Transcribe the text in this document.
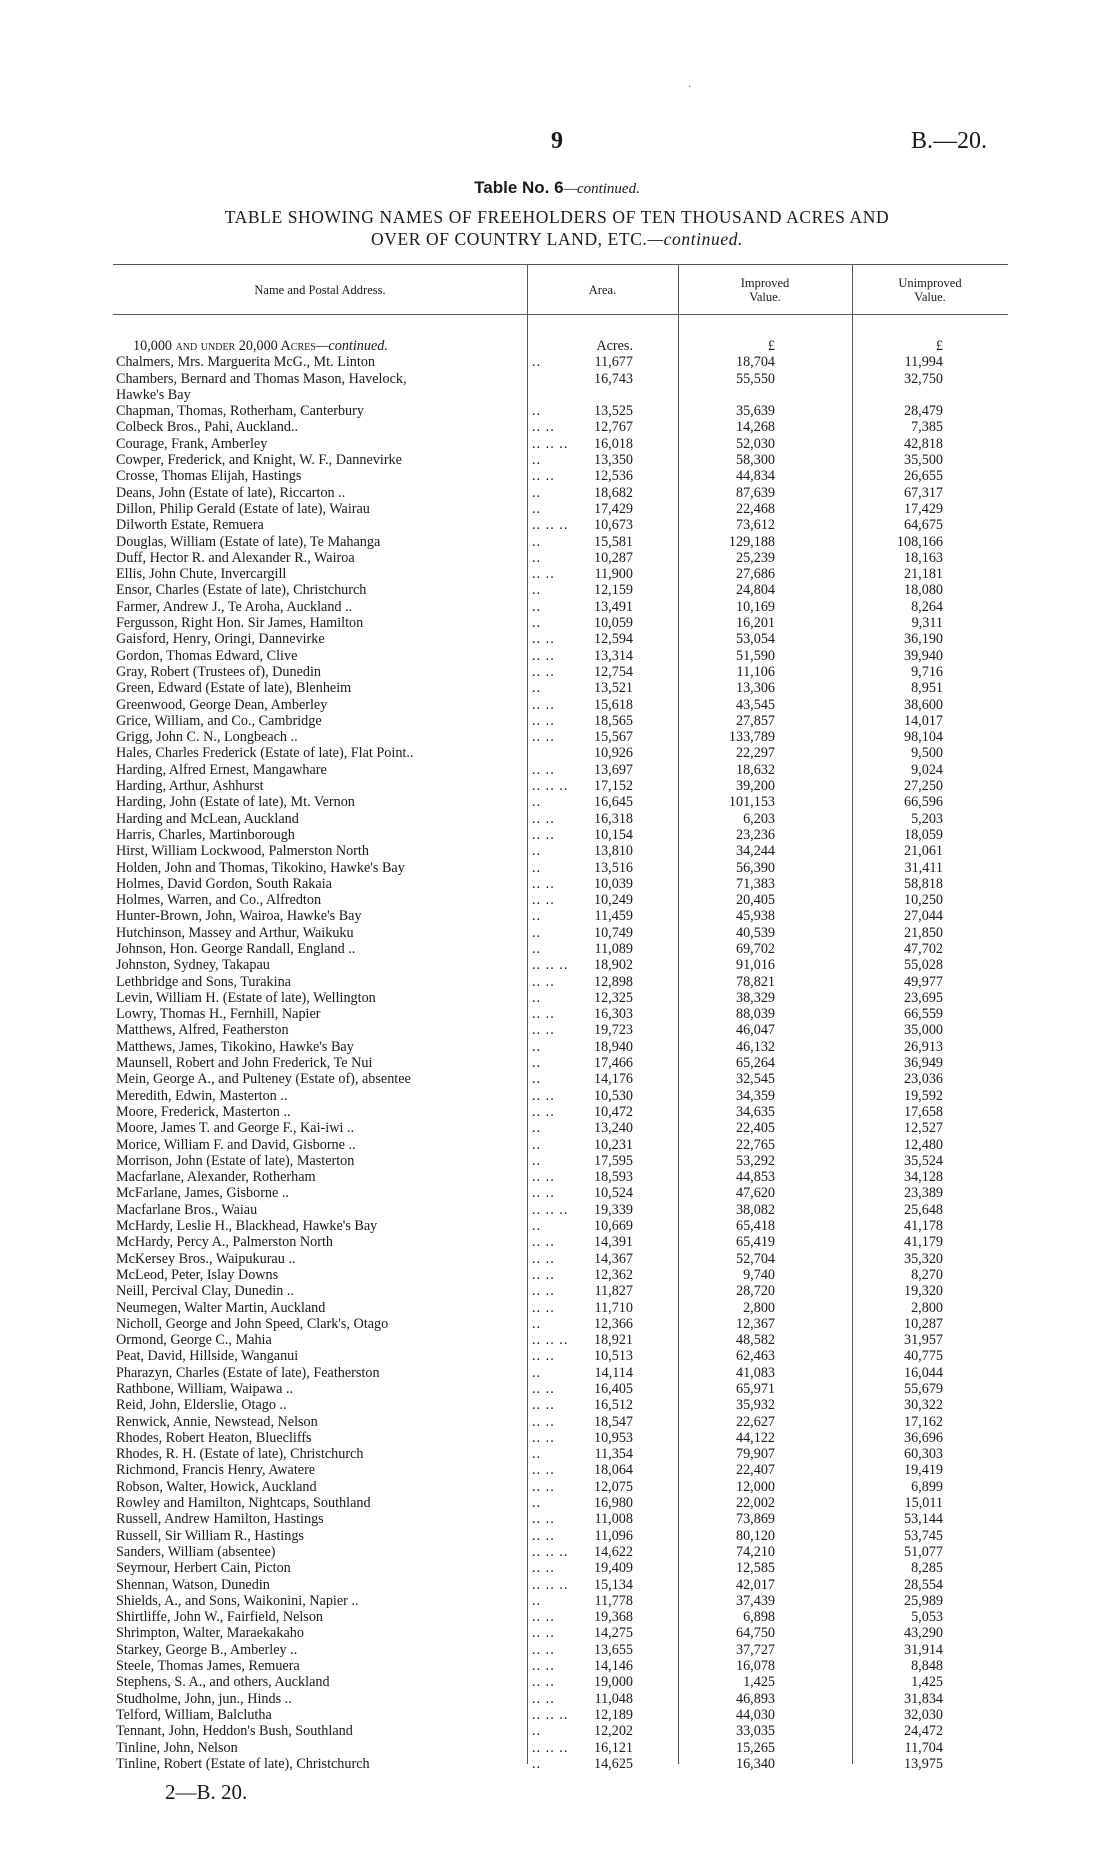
·
9	B.—20.
Table No. 6—continued.
TABLE SHOWING NAMES OF FREEHOLDERS OF TEN THOUSAND ACRES AND
OVER OF COUNTRY LAND, ETC.—continued.
Name and Postal Address.	Area.	Improved
Value.
Unimproved
Value.
10,000 and under 20,000 Acres—continued.	Acres.	£	£
Chalmers, Mrs. Marguerita McG., Mt. Linton	..	11,677	18,704	11,994
Chambers, Bernard and Thomas Mason, Havelock,	16,743	55,550	32,750
Hawke's Bay
Chapman, Thomas, Rotherham, Canterbury	..	13,525	35,639	28,479
Colbeck Bros., Pahi, Auckland..	.. ..	12,767	14,268	7,385
Courage, Frank, Amberley	.. .. ..	16,018	52,030	42,818
Cowper, Frederick, and Knight, W. F., Dannevirke	..	13,350	58,300	35,500
Crosse, Thomas Elijah, Hastings	.. ..	12,536	44,834	26,655
Deans, John (Estate of late), Riccarton ..	..	18,682	87,639	67,317
Dillon, Philip Gerald (Estate of late), Wairau	..	17,429	22,468	17,429
Dilworth Estate, Remuera	.. .. ..	10,673	73,612	64,675
Douglas, William (Estate of late), Te Mahanga	..	15,581	129,188	108,166
Duff, Hector R. and Alexander R., Wairoa	..	10,287	25,239	18,163
Ellis, John Chute, Invercargill	.. ..	11,900	27,686	21,181
Ensor, Charles (Estate of late), Christchurch	..	12,159	24,804	18,080
Farmer, Andrew J., Te Aroha, Auckland ..	..	13,491	10,169	8,264
Fergusson, Right Hon. Sir James, Hamilton	..	10,059	16,201	9,311
Gaisford, Henry, Oringi, Dannevirke	.. ..	12,594	53,054	36,190
Gordon, Thomas Edward, Clive	.. ..	13,314	51,590	39,940
Gray, Robert (Trustees of), Dunedin	.. ..	12,754	11,106	9,716
Green, Edward (Estate of late), Blenheim	..	13,521	13,306	8,951
Greenwood, George Dean, Amberley	.. ..	15,618	43,545	38,600
Grice, William, and Co., Cambridge	.. ..	18,565	27,857	14,017
Grigg, John C. N., Longbeach ..	.. ..	15,567	133,789	98,104
Hales, Charles Frederick (Estate of late), Flat Point..	10,926	22,297	9,500
Harding, Alfred Ernest, Mangawhare	.. ..	13,697	18,632	9,024
Harding, Arthur, Ashhurst	.. .. ..	17,152	39,200	27,250
Harding, John (Estate of late), Mt. Vernon	..	16,645	101,153	66,596
Harding and McLean, Auckland	.. ..	16,318	6,203	5,203
Harris, Charles, Martinborough	.. ..	10,154	23,236	18,059
Hirst, William Lockwood, Palmerston North	..	13,810	34,244	21,061
Holden, John and Thomas, Tikokino, Hawke's Bay	..	13,516	56,390	31,411
Holmes, David Gordon, South Rakaia	.. ..	10,039	71,383	58,818
Holmes, Warren, and Co., Alfredton	.. ..	10,249	20,405	10,250
Hunter-Brown, John, Wairoa, Hawke's Bay	..	11,459	45,938	27,044
Hutchinson, Massey and Arthur, Waikuku	..	10,749	40,539	21,850
Johnson, Hon. George Randall, England ..	..	11,089	69,702	47,702
Johnston, Sydney, Takapau	.. .. ..	18,902	91,016	55,028
Lethbridge and Sons, Turakina	.. ..	12,898	78,821	49,977
Levin, William H. (Estate of late), Wellington	..	12,325	38,329	23,695
Lowry, Thomas H., Fernhill, Napier	.. ..	16,303	88,039	66,559
Matthews, Alfred, Featherston	.. ..	19,723	46,047	35,000
Matthews, James, Tikokino, Hawke's Bay	..	18,940	46,132	26,913
Maunsell, Robert and John Frederick, Te Nui	..	17,466	65,264	36,949
Mein, George A., and Pulteney (Estate of), absentee	..	14,176	32,545	23,036
Meredith, Edwin, Masterton ..	.. ..	10,530	34,359	19,592
Moore, Frederick, Masterton ..	.. ..	10,472	34,635	17,658
Moore, James T. and George F., Kai-iwi ..	..	13,240	22,405	12,527
Morice, William F. and David, Gisborne ..	..	10,231	22,765	12,480
Morrison, John (Estate of late), Masterton	..	17,595	53,292	35,524
Macfarlane, Alexander, Rotherham	.. ..	18,593	44,853	34,128
McFarlane, James, Gisborne ..	.. ..	10,524	47,620	23,389
Macfarlane Bros., Waiau	.. .. ..	19,339	38,082	25,648
McHardy, Leslie H., Blackhead, Hawke's Bay	..	10,669	65,418	41,178
McHardy, Percy A., Palmerston North	.. ..	14,391	65,419	41,179
McKersey Bros., Waipukurau ..	.. ..	14,367	52,704	35,320
McLeod, Peter, Islay Downs	.. ..	12,362	9,740	8,270
Neill, Percival Clay, Dunedin ..	.. ..	11,827	28,720	19,320
Neumegen, Walter Martin, Auckland	.. ..	11,710	2,800	2,800
Nicholl, George and John Speed, Clark's, Otago	..	12,366	12,367	10,287
Ormond, George C., Mahia	.. .. ..	18,921	48,582	31,957
Peat, David, Hillside, Wanganui	.. ..	10,513	62,463	40,775
Pharazyn, Charles (Estate of late), Featherston	..	14,114	41,083	16,044
Rathbone, William, Waipawa ..	.. ..	16,405	65,971	55,679
Reid, John, Elderslie, Otago ..	.. ..	16,512	35,932	30,322
Renwick, Annie, Newstead, Nelson	.. ..	18,547	22,627	17,162
Rhodes, Robert Heaton, Bluecliffs	.. ..	10,953	44,122	36,696
Rhodes, R. H. (Estate of late), Christchurch	..	11,354	79,907	60,303
Richmond, Francis Henry, Awatere	.. ..	18,064	22,407	19,419
Robson, Walter, Howick, Auckland	.. ..	12,075	12,000	6,899
Rowley and Hamilton, Nightcaps, Southland	..	16,980	22,002	15,011
Russell, Andrew Hamilton, Hastings	.. ..	11,008	73,869	53,144
Russell, Sir William R., Hastings	.. ..	11,096	80,120	53,745
Sanders, William (absentee)	.. .. ..	14,622	74,210	51,077
Seymour, Herbert Cain, Picton	.. ..	19,409	12,585	8,285
Shennan, Watson, Dunedin	.. .. ..	15,134	42,017	28,554
Shields, A., and Sons, Waikonini, Napier ..	..	11,778	37,439	25,989
Shirtliffe, John W., Fairfield, Nelson	.. ..	19,368	6,898	5,053
Shrimpton, Walter, Maraekakaho	.. ..	14,275	64,750	43,290
Starkey, George B., Amberley ..	.. ..	13,655	37,727	31,914
Steele, Thomas James, Remuera	.. ..	14,146	16,078	8,848
Stephens, S. A., and others, Auckland	.. ..	19,000	1,425	1,425
Studholme, John, jun., Hinds ..	.. ..	11,048	46,893	31,834
Telford, William, Balclutha	.. .. ..	12,189	44,030	32,030
Tennant, John, Heddon's Bush, Southland	..	12,202	33,035	24,472
Tinline, John, Nelson	.. .. ..	16,121	15,265	11,704
Tinline, Robert (Estate of late), Christchurch	..	14,625	16,340	13,975
2—B. 20.
